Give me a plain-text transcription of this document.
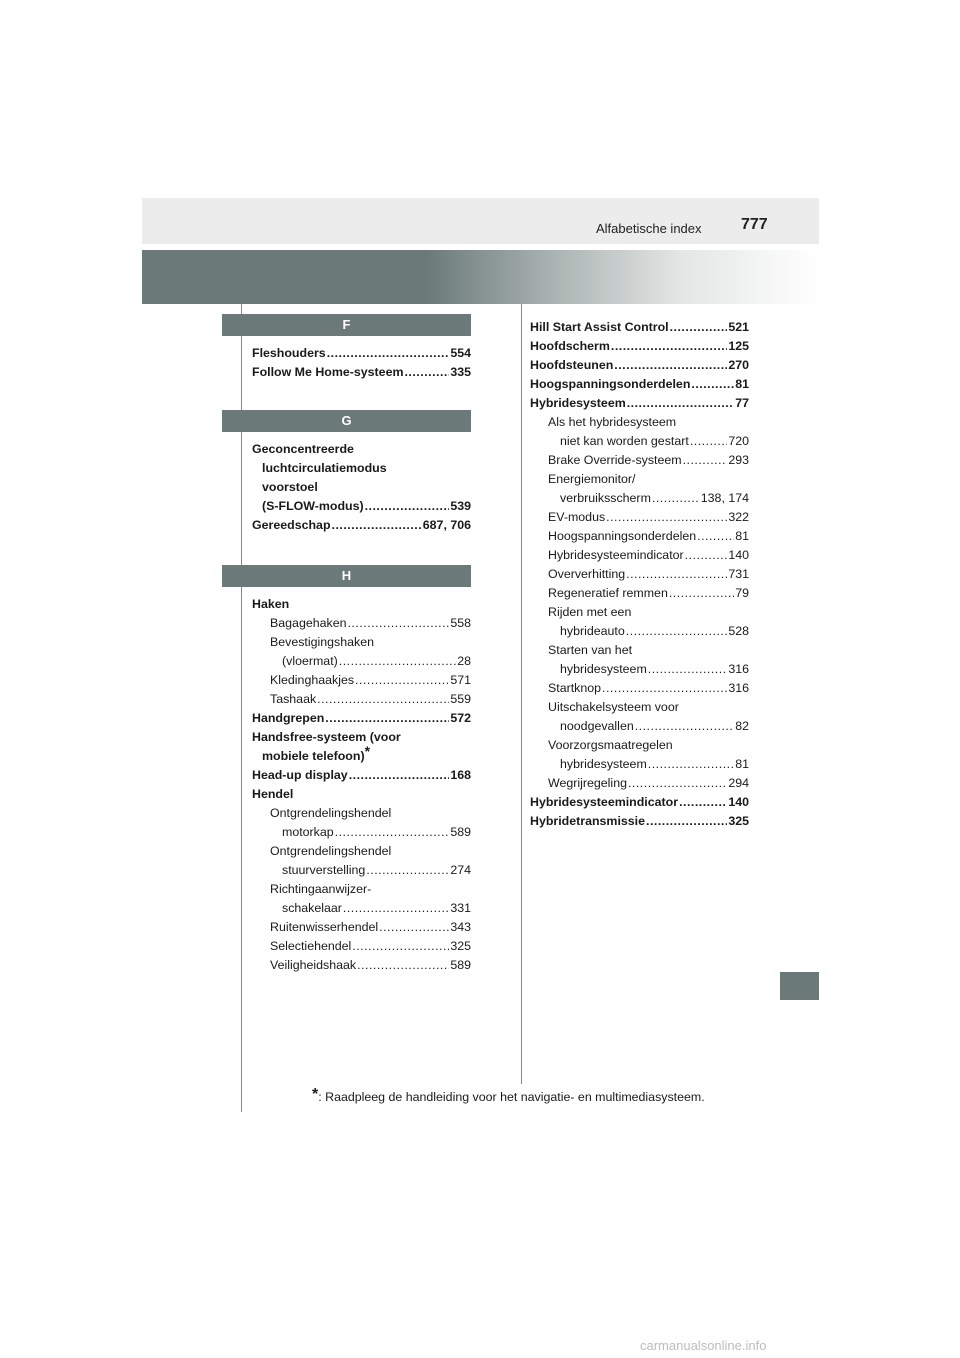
Alfabetische index 777
F
Fleshouders .....	554
Follow Me Home-systeem .....	335
G
Geconcentreerde
luchtcirculatiemodus
voorstoel
(S-FLOW-modus) .....	539
Gereedschap .....	687, 706
H
Haken
Bagagehaken .....	558
Bevestigingshaken
(vloermat) .....	28
Kledinghaakjes .....	571
Tashaak .....	559
Handgrepen .....	572
Handsfree-systeem (voor
mobiele telefoon)*
Head-up display .....	168
Hendel
Ontgrendelingshendel
motorkap .....	589
Ontgrendelingshendel
stuurverstelling .....	274
Richtingaanwijzer-
schakelaar .....	331
Ruitenwisserhendel .....	343
Selectiehendel .....	325
Veiligheidshaak .....	589
Hill Start Assist Control .....	521
Hoofdscherm .....	125
Hoofdsteunen .....	270
Hoogspanningsonderdelen .....	81
Hybridesysteem .....	77
Als het hybridesysteem
niet kan worden gestart .....	720
Brake Override-systeem .....	293
Energiemonitor/
verbruiksscherm .....	138, 174
EV-modus .....	322
Hoogspanningsonderdelen .....	81
Hybridesysteemindicator .....	140
Oververhitting .....	731
Regeneratief remmen .....	79
Rijden met een
hybrideauto .....	528
Starten van het
hybridesysteem .....	316
Startknop .....	316
Uitschakelsysteem voor
noodgevallen .....	82
Voorzorgsmaatregelen
hybridesysteem .....	81
Wegrijregeling .....	294
Hybridesysteemindicator .....	140
Hybridetransmissie .....	325
*: Raadpleeg de handleiding voor het navigatie- en multimediasysteem.
carmanualsonline.info
